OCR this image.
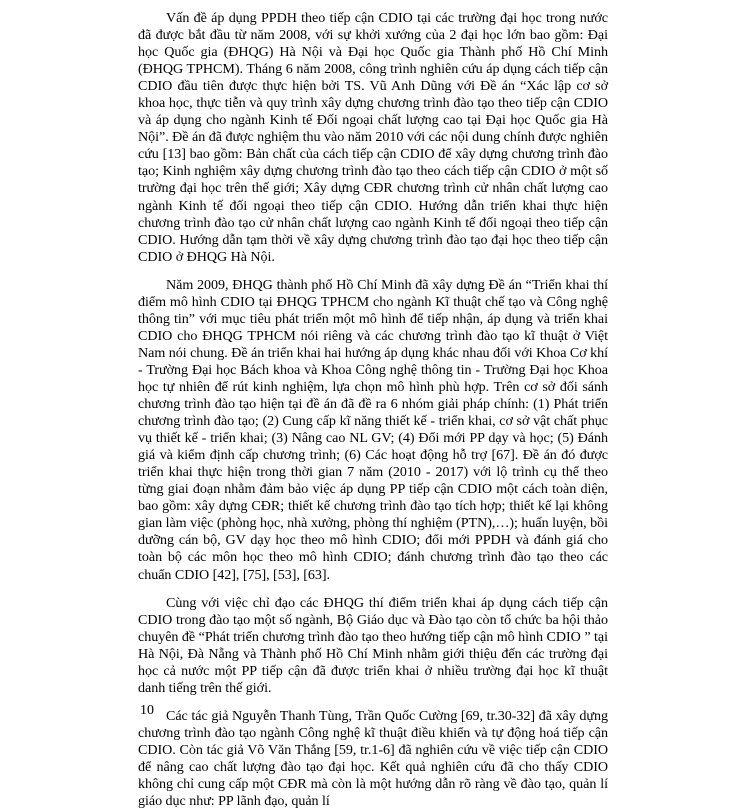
Vấn đề áp dụng PPDH theo tiếp cận CDIO tại các trường đại học trong nước đã được bắt đầu từ năm 2008, với sự khởi xướng của 2 đại học lớn bao gồm: Đại học Quốc gia (ĐHQG) Hà Nội và Đại học Quốc gia Thành phố Hồ Chí Minh (ĐHQG TPHCM). Tháng 6 năm 2008, công trình nghiên cứu áp dụng cách tiếp cận CDIO đầu tiên được thực hiện bởi TS. Vũ Anh Dũng với Đề án “Xác lập cơ sở khoa học, thực tiễn và quy trình xây dựng chương trình đào tạo theo tiếp cận CDIO và áp dụng cho ngành Kinh tế Đối ngoại chất lượng cao tại Đại học Quốc gia Hà Nội”. Đề án đã được nghiệm thu vào năm 2010 với các nội dung chính được nghiên cứu [13] bao gồm: Bản chất của cách tiếp cận CDIO để xây dựng chương trình đào tạo; Kinh nghiệm xây dựng chương trình đào tạo theo cách tiếp cận CDIO ở một số trường đại học trên thế giới; Xây dựng CĐR chương trình cử nhân chất lượng cao ngành Kinh tế đối ngoại theo tiếp cận CDIO. Hướng dẫn triển khai thực hiện chương trình đào tạo cử nhân chất lượng cao ngành Kinh tế đối ngoại theo tiếp cận CDIO. Hướng dẫn tạm thời về xây dựng chương trình đào tạo đại học theo tiếp cận CDIO ở ĐHQG Hà Nội.

Năm 2009, ĐHQG thành phố Hồ Chí Minh đã xây dựng Đề án “Triển khai thí điểm mô hình CDIO tại ĐHQG TPHCM cho ngành Kĩ thuật chế tạo và Công nghệ thông tin” với mục tiêu phát triển một mô hình để tiếp nhận, áp dụng và triển khai CDIO cho ĐHQG TPHCM nói riêng và các chương trình đào tạo kĩ thuật ở Việt Nam nói chung. Đề án triển khai hai hướng áp dụng khác nhau đối với Khoa Cơ khí - Trường Đại học Bách khoa và Khoa Công nghệ thông tin - Trường Đại học Khoa học tự nhiên để rút kinh nghiệm, lựa chọn mô hình phù hợp. Trên cơ sở đối sánh chương trình đào tạo hiện tại đề án đã đề ra 6 nhóm giải pháp chính: (1) Phát triển chương trình đào tạo; (2) Cung cấp kĩ năng thiết kế - triển khai, cơ sở vật chất phục vụ thiết kế - triển khai; (3) Nâng cao NL GV; (4) Đổi mới PP dạy và học; (5) Đánh giá và kiểm định cấp chương trình; (6) Các hoạt động hỗ trợ [67]. Đề án đó được triển khai thực hiện trong thời gian 7 năm (2010 - 2017) với lộ trình cụ thể theo từng giai đoạn nhằm đảm bảo việc áp dụng PP tiếp cận CDIO một cách toàn diện, bao gồm: xây dựng CĐR; thiết kế chương trình đào tạo tích hợp; thiết kế lại không gian làm việc (phòng học, nhà xưởng, phòng thí nghiệm (PTN),…); huấn luyện, bồi dưỡng cán bộ, GV dạy học theo mô hình CDIO; đổi mới PPDH và đánh giá cho toàn bộ các môn học theo mô hình CDIO; đánh chương trình đào tạo theo các chuẩn CDIO [42], [75], [53], [63].

Cùng với việc chỉ đạo các ĐHQG thí điểm triển khai áp dụng cách tiếp cận CDIO trong đào tạo một số ngành, Bộ Giáo dục và Đào tạo còn tổ chức ba hội thảo chuyên đề “Phát triển chương trình đào tạo theo hướng tiếp cận mô hình CDIO ” tại Hà Nội, Đà Nẵng và Thành phố Hồ Chí Minh nhằm giới thiệu đến các trường đại học cả nước một PP tiếp cận đã được triển khai ở nhiều trường đại học kĩ thuật danh tiếng trên thế giới.

Các tác giả Nguyễn Thanh Tùng, Trần Quốc Cường [69, tr.30-32] đã xây dựng chương trình đào tạo ngành Công nghệ kĩ thuật điều khiển và tự động hoá tiếp cận CDIO. Còn tác giả Võ Văn Thắng [59, tr.1-6] đã nghiên cứu về việc tiếp cận CDIO để nâng cao chất lượng đào tạo đại học. Kết quả nghiên cứu đã cho thấy CDIO không chỉ cung cấp một CĐR mà còn là một hướng dẫn rõ ràng về đào tạo, quản lí giáo dục như: PP lãnh đạo, quản lí

10
